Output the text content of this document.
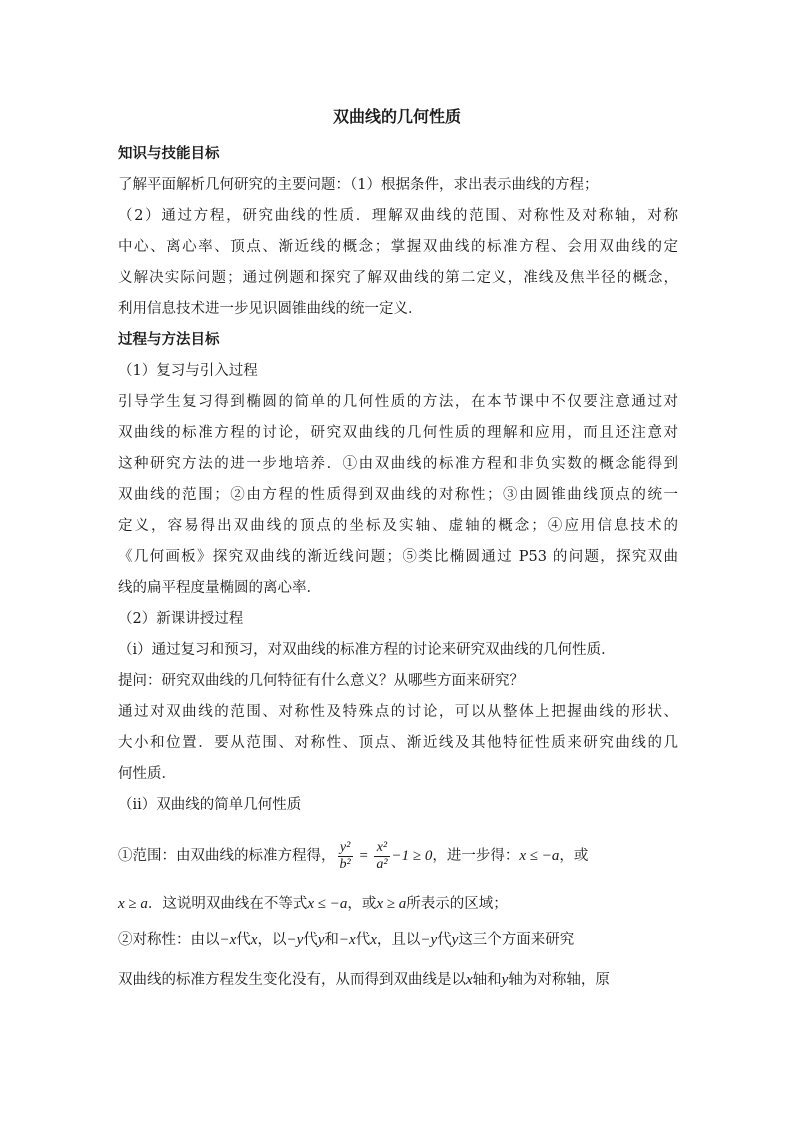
双曲线的几何性质
知识与技能目标
了解平面解析几何研究的主要问题：（1）根据条件，求出表示曲线的方程；
（2）通过方程，研究曲线的性质．理解双曲线的范围、对称性及对称轴，对称
中心、离心率、顶点、渐近线的概念；掌握双曲线的标准方程、会用双曲线的定
义解决实际问题；通过例题和探究了解双曲线的第二定义，准线及焦半径的概念，
利用信息技术进一步见识圆锥曲线的统一定义．
过程与方法目标
（1）复习与引入过程
引导学生复习得到椭圆的简单的几何性质的方法，在本节课中不仅要注意通过对
双曲线的标准方程的讨论，研究双曲线的几何性质的理解和应用，而且还注意对
这种研究方法的进一步地培养．①由双曲线的标准方程和非负实数的概念能得到
双曲线的范围；②由方程的性质得到双曲线的对称性；③由圆锥曲线顶点的统一
定义，容易得出双曲线的顶点的坐标及实轴、虚轴的概念；④应用信息技术的
《几何画板》探究双曲线的渐近线问题；⑤类比椭圆通过 P53 的问题，探究双曲
线的扁平程度量椭圆的离心率．
（2）新课讲授过程
（i）通过复习和预习，对双曲线的标准方程的讨论来研究双曲线的几何性质．
提问：研究双曲线的几何特征有什么意义？从哪些方面来研究？
通过对双曲线的范围、对称性及特殊点的讨论，可以从整体上把握曲线的形状、
大小和位置．要从范围、对称性、顶点、渐近线及其他特征性质来研究曲线的几
何性质．
（ii）双曲线的简单几何性质
①范围：由双曲线的标准方程得， $\frac{\text{y²}}{\text{b²}} = \frac{\text{x²}}{\text{a²}} -1 \ge 0$，进一步得：x ≤ −a，或
x ≥ a．这说明双曲线在不等式x ≤ −a，或x ≥ a所表示的区域；
②对称性：由以−x代x，以−y代y和−x代x，且以−y代y这三个方面来研究
双曲线的标准方程发生变化没有，从而得到双曲线是以x轴和y轴为对称轴，原
